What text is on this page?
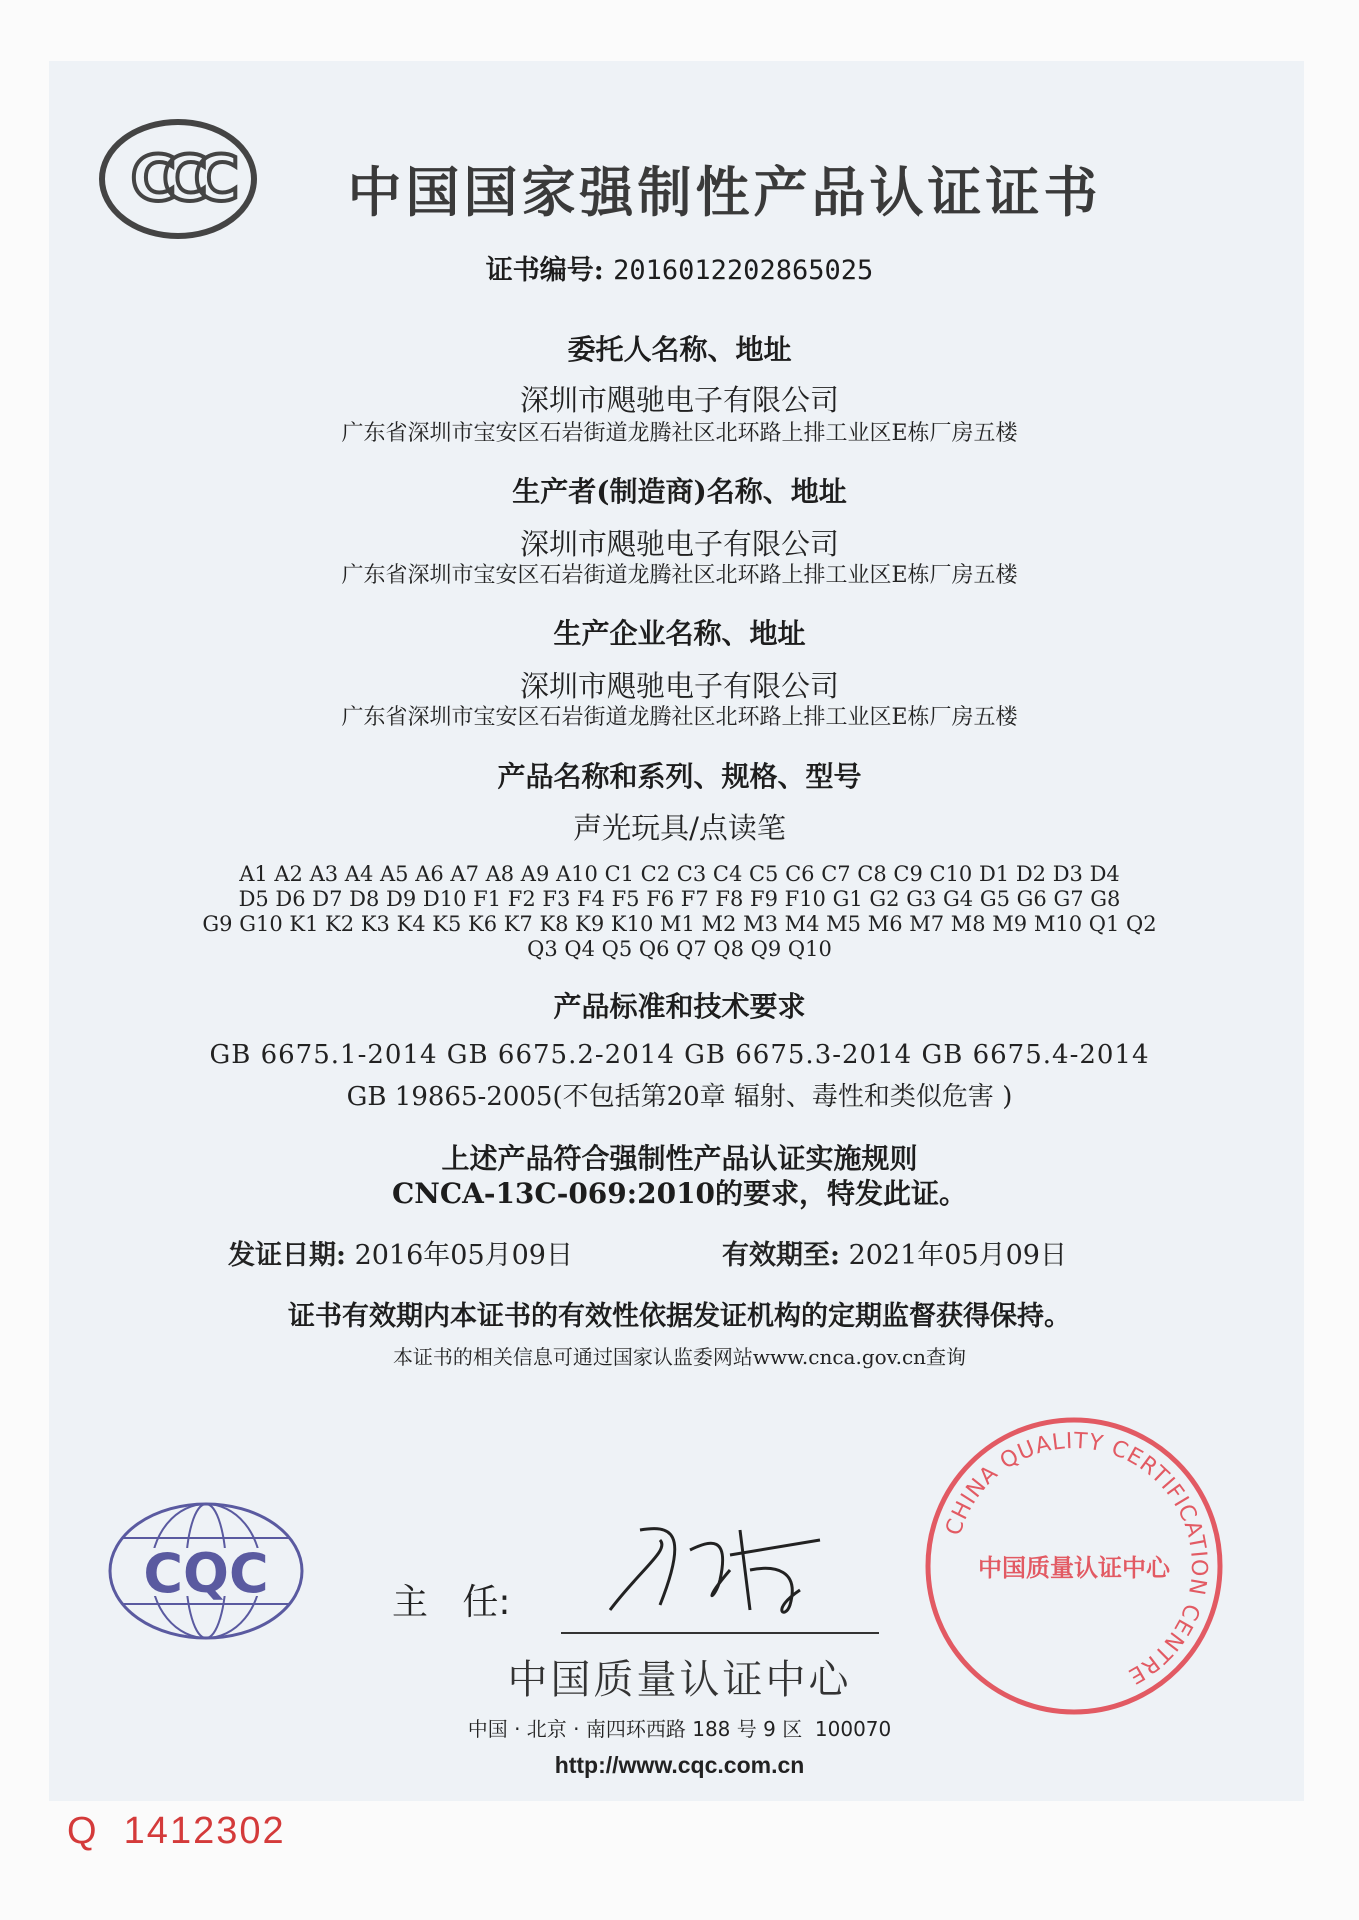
CCC	中国国家强制性产品认证证书
证书编号: 2016012202865025
委托人名称、地址
深圳市飓驰电子有限公司
广东省深圳市宝安区石岩街道龙腾社区北环路上排工业区E栋厂房五楼
生产者(制造商)名称、地址
深圳市飓驰电子有限公司
广东省深圳市宝安区石岩街道龙腾社区北环路上排工业区E栋厂房五楼
生产企业名称、地址
深圳市飓驰电子有限公司
广东省深圳市宝安区石岩街道龙腾社区北环路上排工业区E栋厂房五楼
产品名称和系列、规格、型号
声光玩具/点读笔
A1 A2 A3 A4 A5 A6 A7 A8 A9 A10 C1 C2 C3 C4 C5 C6 C7 C8 C9 C10 D1 D2 D3 D4
D5 D6 D7 D8 D9 D10 F1 F2 F3 F4 F5 F6 F7 F8 F9 F10 G1 G2 G3 G4 G5 G6 G7 G8
G9 G10 K1 K2 K3 K4 K5 K6 K7 K8 K9 K10 M1 M2 M3 M4 M5 M6 M7 M8 M9 M10 Q1 Q2
Q3 Q4 Q5 Q6 Q7 Q8 Q9 Q10
产品标准和技术要求
GB 6675.1-2014 GB 6675.2-2014 GB 6675.3-2014 GB 6675.4-2014
GB 19865-2005(不包括第20章 辐射、毒性和类似危害 )
上述产品符合强制性产品认证实施规则
CNCA-13C-069:2010的要求，特发此证。
发证日期: 2016年05月09日	有效期至: 2021年05月09日
证书有效期内本证书的有效性依据发证机构的定期监督获得保持。
本证书的相关信息可通过国家认监委网站www.cnca.gov.cn查询
CQC	主   任:
中国质量认证中心
中国 · 北京 · 南四环西路 188 号 9 区  100070
http://www.cqc.com.cn
Q  1412302
CHINA QUALITY CERTIFICATION CENTRE
中国质量认证中心
